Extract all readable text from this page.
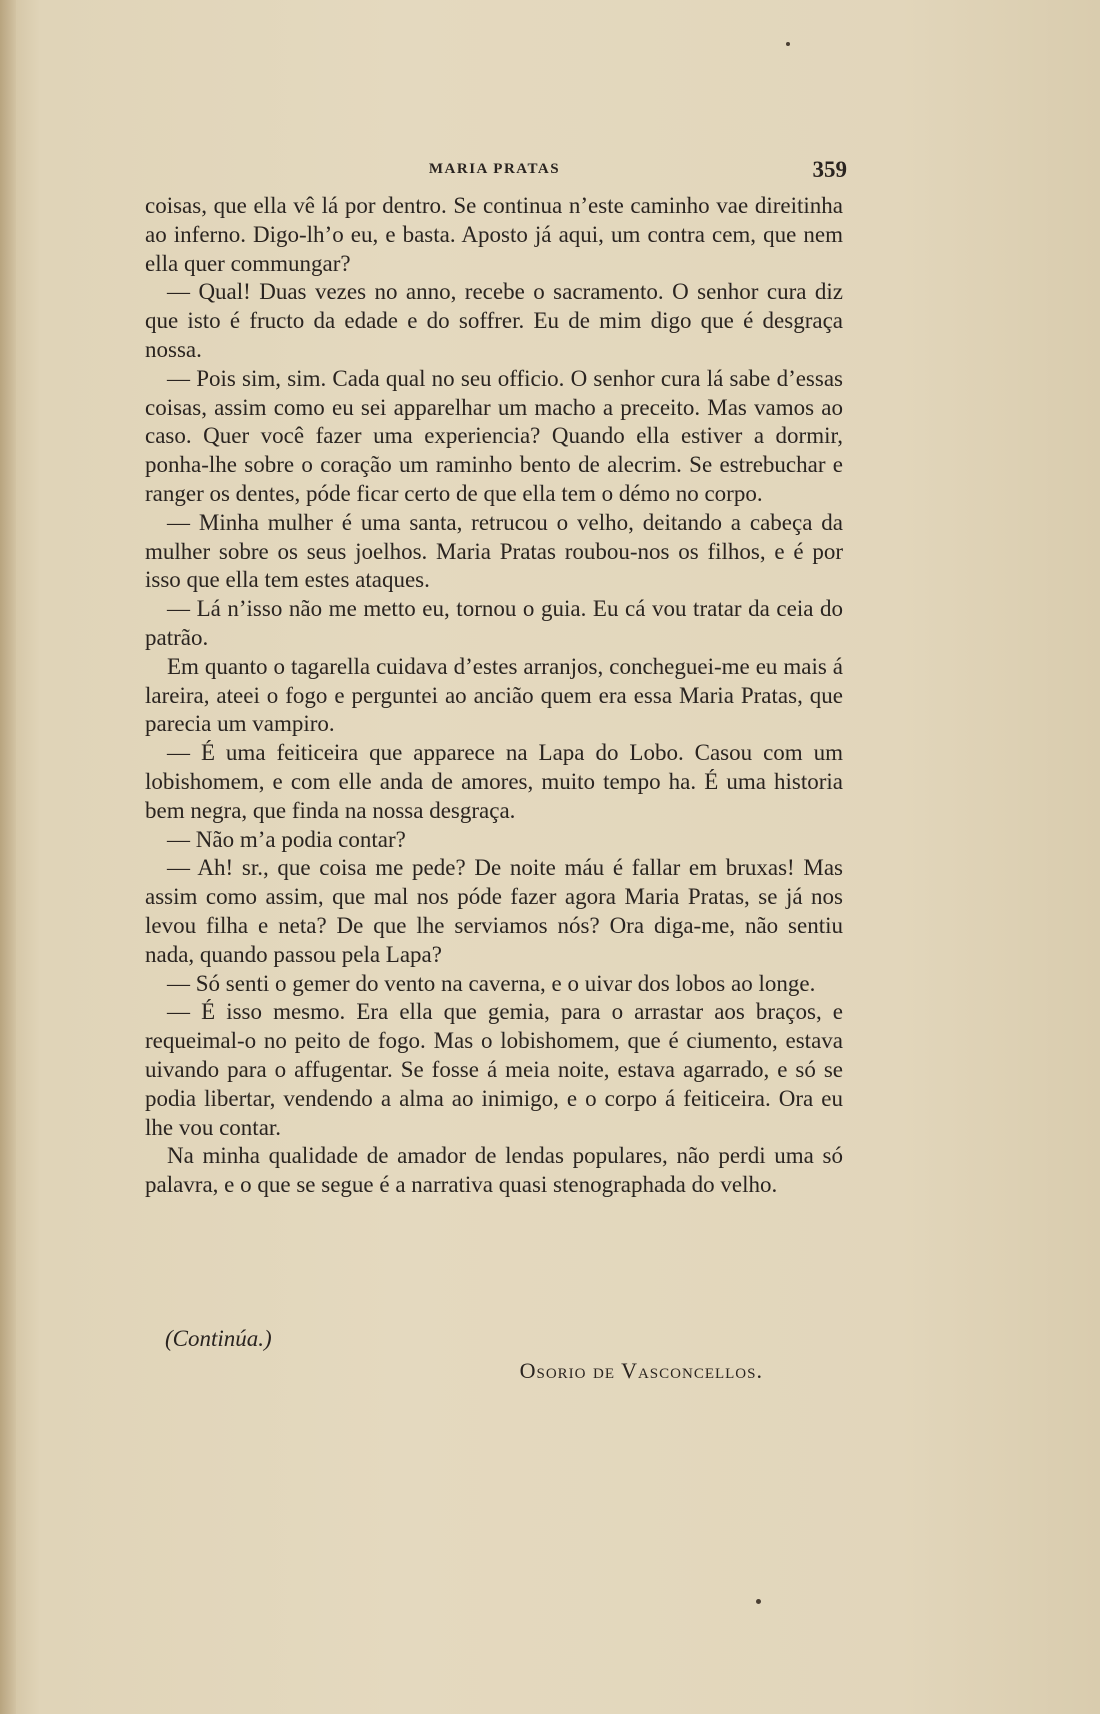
MARIA PRATAS	359

coisas, que ella vê lá por dentro. Se continua n’este caminho vae direitinha ao inferno. Digo-lh’o eu, e basta. Aposto já aqui, um contra cem, que nem ella quer commungar?

— Qual! Duas vezes no anno, recebe o sacramento. O senhor cura diz que isto é fructo da edade e do soffrer. Eu de mim digo que é desgraça nossa.

— Pois sim, sim. Cada qual no seu officio. O senhor cura lá sabe d’essas coisas, assim como eu sei apparelhar um macho a preceito. Mas vamos ao caso. Quer você fazer uma experiencia? Quando ella estiver a dormir, ponha-lhe sobre o coração um raminho bento de alecrim. Se estrebuchar e ranger os dentes, póde ficar certo de que ella tem o démo no corpo.

— Minha mulher é uma santa, retrucou o velho, deitando a cabeça da mulher sobre os seus joelhos. Maria Pratas roubou-nos os filhos, e é por isso que ella tem estes ataques.

— Lá n’isso não me metto eu, tornou o guia. Eu cá vou tratar da ceia do patrão.

Em quanto o tagarella cuidava d’estes arranjos, concheguei-me eu mais á lareira, ateei o fogo e perguntei ao ancião quem era essa Maria Pratas, que parecia um vampiro.

— É uma feiticeira que apparece na Lapa do Lobo. Casou com um lobishomem, e com elle anda de amores, muito tempo ha. É uma historia bem negra, que finda na nossa desgraça.

— Não m’a podia contar?

— Ah! sr., que coisa me pede? De noite máu é fallar em bruxas! Mas assim como assim, que mal nos póde fazer agora Maria Pratas, se já nos levou filha e neta? De que lhe serviamos nós? Ora diga-me, não sentiu nada, quando passou pela Lapa?

— Só senti o gemer do vento na caverna, e o uivar dos lobos ao longe.

— É isso mesmo. Era ella que gemia, para o arrastar aos braços, e requeimal-o no peito de fogo. Mas o lobishomem, que é ciumento, estava uivando para o affugentar. Se fosse á meia noite, estava agarrado, e só se podia libertar, vendendo a alma ao inimigo, e o corpo á feiticeira. Ora eu lhe vou contar.

Na minha qualidade de amador de lendas populares, não perdi uma só palavra, e o que se segue é a narrativa quasi stenographada do velho.

(Continúa.)
Osorio de Vasconcellos.
